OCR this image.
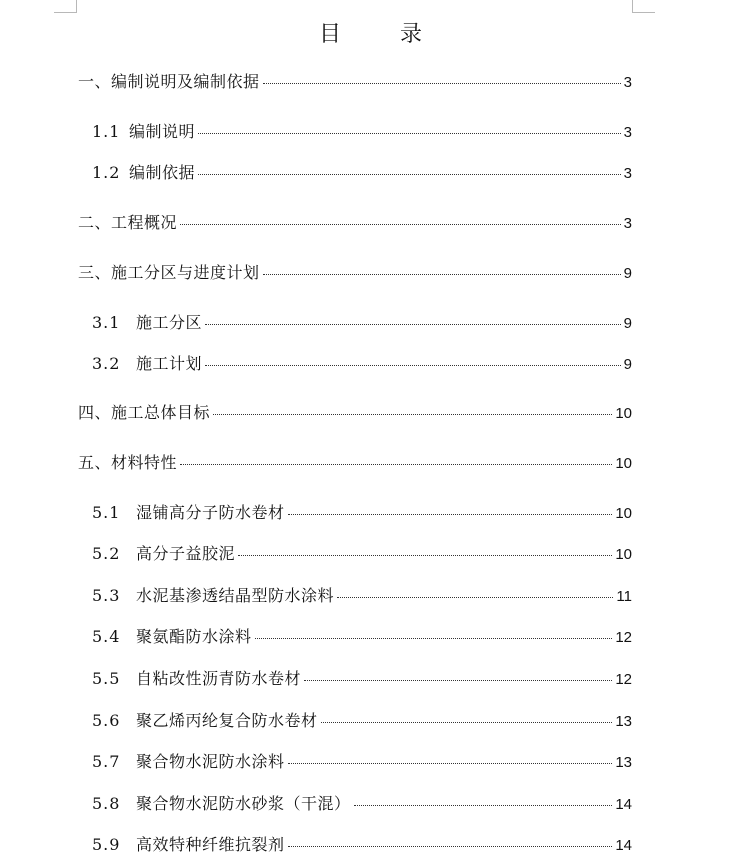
目 录
一、编制说明及编制依据	3
1.1 编制说明	3
1.2 编制依据	3
二、工程概况	3
三、施工分区与进度计划	9
3.1 施工分区	9
3.2 施工计划	9
四、施工总体目标	10
五、材料特性	10
5.1 湿铺高分子防水卷材	10
5.2 高分子益胶泥	10
5.3 水泥基渗透结晶型防水涂料	11
5.4 聚氨酯防水涂料	12
5.5 自粘改性沥青防水卷材	12
5.6 聚乙烯丙纶复合防水卷材	13
5.7 聚合物水泥防水涂料	13
5.8 聚合物水泥防水砂浆（干混）	14
5.9 高效特种纤维抗裂剂	14
